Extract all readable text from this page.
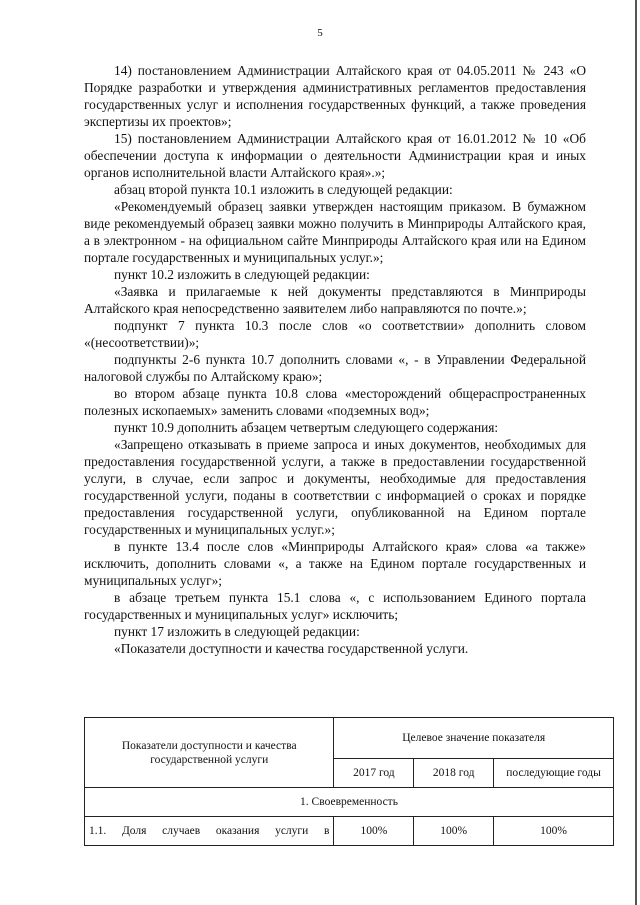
5

14) постановлением Администрации Алтайского края от 04.05.2011 № 243 «О Порядке разработки и утверждения административных регламентов предоставления государственных услуг и исполнения государственных функций, а также проведения экспертизы их проектов»;

15) постановлением Администрации Алтайского края от 16.01.2012 № 10 «Об обеспечении доступа к информации о деятельности Администрации края и иных органов исполнительной власти Алтайского края».»;

абзац второй пункта 10.1 изложить в следующей редакции:

«Рекомендуемый образец заявки утвержден настоящим приказом. В бумажном виде рекомендуемый образец заявки можно получить в Минприроды Алтайского края, а в электронном - на официальном сайте Минприроды Алтайского края или на Едином портале государственных и муниципальных услуг.»;

пункт 10.2 изложить в следующей редакции:

«Заявка и прилагаемые к ней документы представляются в Минприроды Алтайского края непосредственно заявителем либо направляются по почте.»;

подпункт 7 пункта 10.3 после слов «о соответствии» дополнить словом «(несоответствии)»;

подпункты 2-6 пункта 10.7 дополнить словами «, - в Управлении Федеральной налоговой службы по Алтайскому краю»;

во втором абзаце пункта 10.8 слова «месторождений общераспространенных полезных ископаемых» заменить словами «подземных вод»;

пункт 10.9 дополнить абзацем четвертым следующего содержания:

«Запрещено отказывать в приеме запроса и иных документов, необходимых для предоставления государственной услуги, а также в предоставлении государственной услуги, в случае, если запрос и документы, необходимые для предоставления государственной услуги, поданы в соответствии с информацией о сроках и порядке предоставления государственной услуги, опубликованной на Едином портале государственных и муниципальных услуг.»;

в пункте 13.4 после слов «Минприроды Алтайского края» слова «а также» исключить, дополнить словами «, а также на Едином портале государственных и муниципальных услуг»;

в абзаце третьем пункта 15.1 слова «, с использованием Единого портала государственных и муниципальных услуг» исключить;

пункт 17 изложить в следующей редакции:

«Показатели доступности и качества государственной услуги.

Показатели доступности и качества государственной услуги	Целевое значение показателя		
	2017 год	2018 год	последующие годы
1. Своевременность			
1.1. Доля случаев оказания услуги в	100%	100%	100%
